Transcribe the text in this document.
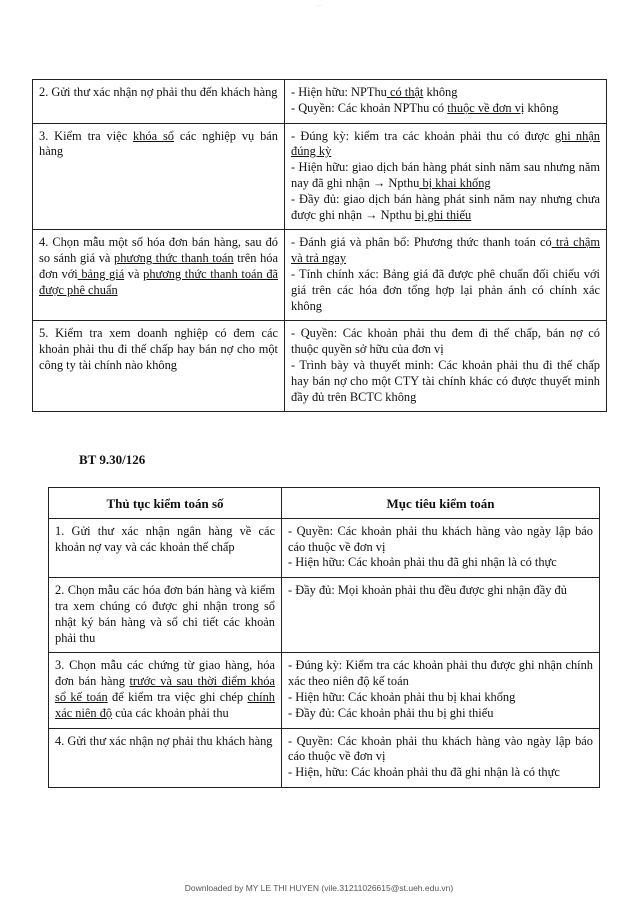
...
2. Gửi thư xác nhận nợ phải thu đến khách hàng	- Hiện hữu: NPThu có thật không
- Quyền: Các khoản NPThu có thuộc về đơn vị không

3. Kiểm tra việc khóa sổ các nghiệp vụ bán hàng	- Đúng kỳ: kiểm tra các khoản phải thu có được ghi nhận đúng kỳ
- Hiện hữu: giao dịch bán hàng phát sinh năm sau nhưng năm nay đã ghi nhận → Npthu bị khai khống
- Đầy đủ: giao dịch bán hàng phát sinh năm nay nhưng chưa được ghi nhận → Npthu bị ghi thiếu

4. Chọn mẫu một số hóa đơn bán hàng, sau đó so sánh giá và phương thức thanh toán trên hóa đơn với bảng giá và phương thức thanh toán đã được phê chuẩn	- Đánh giá và phân bổ: Phương thức thanh toán có trả chậm và trả ngay
- Tính chính xác: Bảng giá đã được phê chuẩn đối chiếu với giá trên các hóa đơn tổng hợp lại phản ánh có chính xác không

5. Kiểm tra xem doanh nghiệp có đem các khoản phải thu đi thế chấp hay bán nợ cho một công ty tài chính nào không	- Quyền: Các khoản phải thu đem đi thế chấp, bán nợ có thuộc quyền sở hữu của đơn vị
- Trình bày và thuyết minh: Các khoản phải thu đi thế chấp hay bán nợ cho một CTY tài chính khác có được thuyết minh đầy đủ trên BCTC không
BT 9.30/126
Thủ tục kiểm toán số	Mục tiêu kiểm toán

1. Gửi thư xác nhận ngân hàng về các khoản nợ vay và các khoản thế chấp	- Quyền: Các khoản phải thu khách hàng vào ngày lập báo cáo thuộc về đơn vị
- Hiện hữu: Các khoản phải thu đã ghi nhận là có thực

2. Chọn mẫu các hóa đơn bán hàng và kiểm tra xem chúng có được ghi nhận trong sổ nhật ký bán hàng và sổ chi tiết các khoản phải thu	- Đầy đủ: Mọi khoản phải thu đều được ghi nhận đầy đủ

3. Chọn mẫu các chứng từ giao hàng, hóa đơn bán hàng trước và sau thời điểm khóa sổ kế toán để kiểm tra việc ghi chép chính xác niên độ của các khoản phải thu	- Đúng kỳ: Kiểm tra các khoản phải thu được ghi nhận chính xác theo niên độ kế toán
- Hiện hữu: Các khoản phải thu bị khai khống
- Đầy đủ: Các khoản phải thu bị ghi thiếu

4. Gửi thư xác nhận nợ phải thu khách hàng	- Quyền: Các khoản phải thu khách hàng vào ngày lập báo cáo thuộc về đơn vị
- Hiện, hữu: Các khoản phải thu đã ghi nhận là có thực
Downloaded by MY LE THI HUYEN (vile.31211026615@st.ueh.edu.vn)
